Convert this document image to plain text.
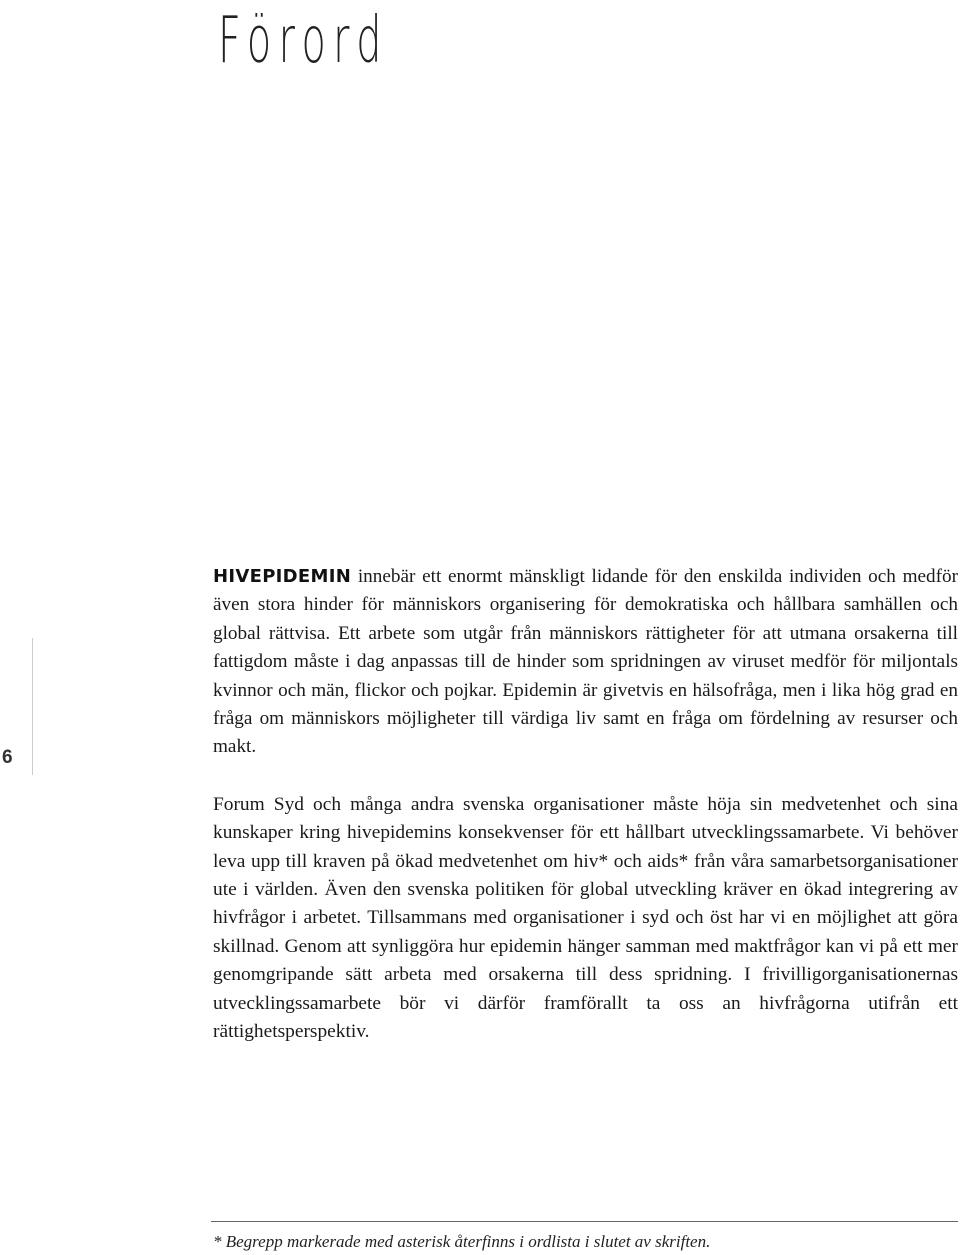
Förord
6

HIVEPIDEMIN innebär ett enormt mänskligt lidande för den enskilda individen och medför även stora hinder för människors organisering för demokratiska och hållbara samhällen och global rättvisa. Ett arbete som utgår från människors rättigheter för att utmana orsakerna till fattigdom måste i dag anpassas till de hinder som spridningen av viruset medför för miljontals kvinnor och män, flickor och pojkar. Epidemin är givetvis en hälsofråga, men i lika hög grad en fråga om människors möjligheter till värdiga liv samt en fråga om fördelning av resurser och makt.

Forum Syd och många andra svenska organisationer måste höja sin medvetenhet och sina kunskaper kring hivepidemins konsekvenser för ett hållbart utvecklingssamarbete. Vi behöver leva upp till kraven på ökad medvetenhet om hiv* och aids* från våra samarbetsorganisationer ute i världen. Även den svenska politiken för global utveckling kräver en ökad integrering av hivfrågor i arbetet. Tillsammans med organisationer i syd och öst har vi en möjlighet att göra skillnad. Genom att synliggöra hur epidemin hänger samman med maktfrågor kan vi på ett mer genomgripande sätt arbeta med orsakerna till dess spridning. I frivilligorganisationernas utvecklingssamarbete bör vi därför framförallt ta oss an hivfrågorna utifrån ett rättighetsperspektiv.

* Begrepp markerade med asterisk återfinns i ordlista i slutet av skriften.
